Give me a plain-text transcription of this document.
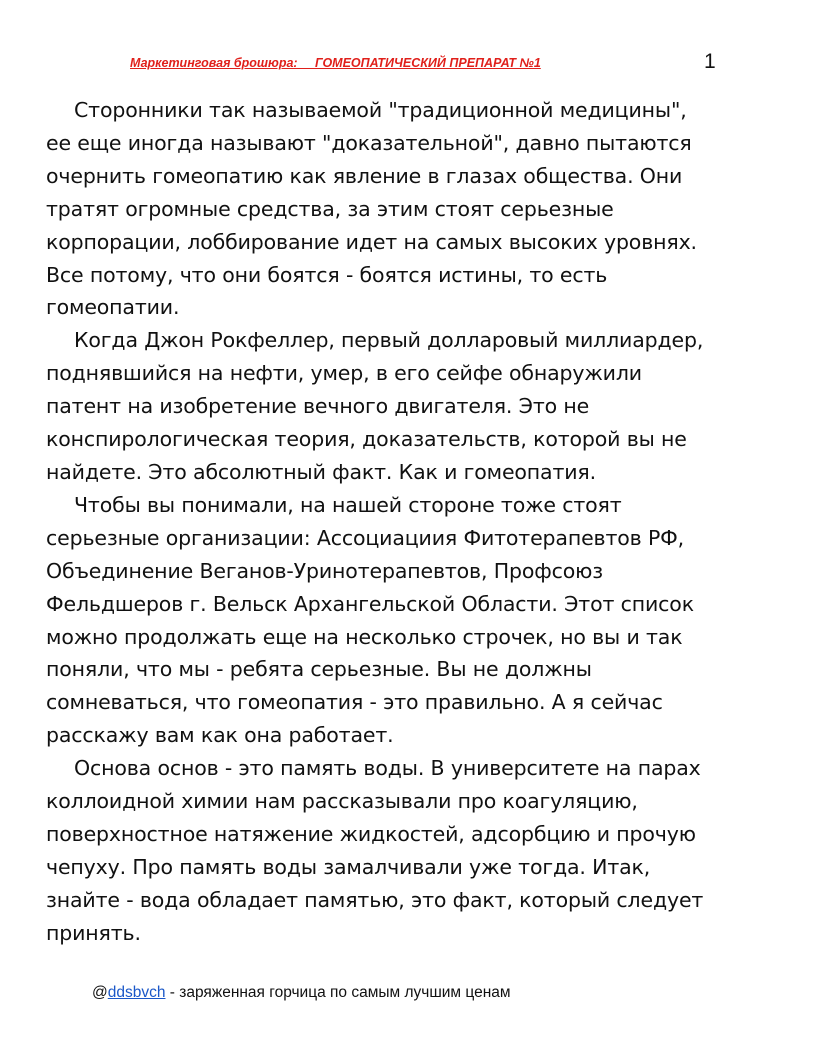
Маркетинговая брошюра:     ГОМЕОПАТИЧЕСКИЙ ПРЕПАРАТ №1	1

Сторонники так называемой "традиционной медицины",
ее еще иногда называют "доказательной", давно пытаются
очернить гомеопатию как явление в глазах общества. Они
тратят огромные средства, за этим стоят серьезные
корпорации, лоббирование идет на самых высоких уровнях.
Все потому, что они боятся - боятся истины, то есть
гомеопатии.

Когда Джон Рокфеллер, первый долларовый миллиардер,
поднявшийся на нефти, умер, в его сейфе обнаружили
патент на изобретение вечного двигателя. Это не
конспирологическая теория, доказательств, которой вы не
найдете. Это абсолютный факт. Как и гомеопатия.

Чтобы вы понимали, на нашей стороне тоже стоят
серьезные организации: Ассоциациия Фитотерапевтов РФ,
Объединение Веганов-Уринотерапевтов, Профсоюз
Фельдшеров г. Вельск Архангельской Области. Этот список
можно продолжать еще на несколько строчек, но вы и так
поняли, что мы - ребята серьезные. Вы не должны
сомневаться, что гомеопатия - это правильно. А я сейчас
расскажу вам как она работает.

Основа основ - это память воды. В университете на парах
коллоидной химии нам рассказывали про коагуляцию,
поверхностное натяжение жидкостей, адсорбцию и прочую
чепуху. Про память воды замалчивали уже тогда. Итак,
знайте - вода обладает памятью, это факт, который следует
принять.

@ddsbvch - заряженная горчица по самым лучшим ценам
